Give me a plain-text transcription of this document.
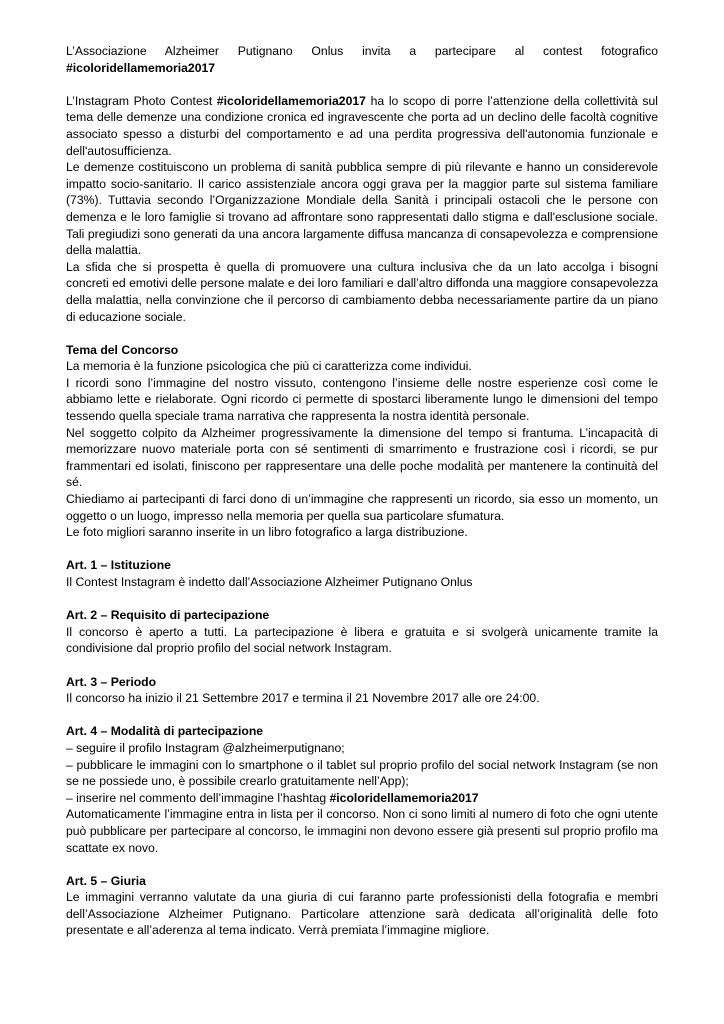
L’Associazione Alzheimer Putignano Onlus invita a partecipare al contest fotografico

#icoloridellamemoria2017

L’Instagram Photo Contest #icoloridellamemoria2017 ha lo scopo di porre l’attenzione della collettività sul tema delle demenze una condizione cronica ed ingravescente che porta ad un declino delle facoltà cognitive associato spesso a disturbi del comportamento e ad una perdita progressiva dell'autonomia funzionale e dell'autosufficienza.

Le demenze costituiscono un problema di sanità pubblica sempre di più rilevante e hanno un considerevole impatto socio-sanitario. Il carico assistenziale ancora oggi grava per la maggior parte sul sistema familiare (73%). Tuttavia secondo l’Organizzazione Mondiale della Sanità i principali ostacoli che le persone con demenza e le loro famiglie si trovano ad affrontare sono rappresentati dallo stigma e dall'esclusione sociale. Tali pregiudizi sono generati da una ancora largamente diffusa mancanza di consapevolezza e comprensione della malattia.

La sfida che si prospetta è quella di promuovere una cultura inclusiva che da un lato accolga i bisogni concreti ed emotivi delle persone malate e dei loro familiari e dall’altro diffonda una maggiore consapevolezza della malattia, nella convinzione che il percorso di cambiamento debba necessariamente partire da un piano di educazione sociale.

Tema del Concorso

La memoria è la funzione psicologica che più ci caratterizza come individui.

I ricordi sono l’immagine del nostro vissuto, contengono l’insieme delle nostre esperienze così come le abbiamo lette e rielaborate. Ogni ricordo ci permette di spostarci liberamente lungo le dimensioni del tempo tessendo quella speciale trama narrativa che rappresenta la nostra identità personale.

Nel soggetto colpito da Alzheimer progressivamente la dimensione del tempo si frantuma. L’incapacità di memorizzare nuovo materiale porta con sé sentimenti di smarrimento e frustrazione così i ricordi, se pur frammentari ed isolati, finiscono per rappresentare una delle poche modalità per mantenere la continuità del sé.

Chiediamo ai partecipanti di farci dono di un’immagine che rappresenti un ricordo, sia esso un momento, un oggetto o un luogo, impresso nella memoria per quella sua particolare sfumatura.

Le foto migliori saranno inserite in un libro fotografico a larga distribuzione.

Art. 1 – Istituzione

Il Contest Instagram è indetto dall’Associazione Alzheimer Putignano Onlus

Art. 2 – Requisito di partecipazione

Il concorso è aperto a tutti. La partecipazione è libera e gratuita e si svolgerà unicamente tramite la condivisione dal proprio profilo del social network Instagram.

Art. 3 – Periodo

Il concorso ha inizio il 21 Settembre 2017 e termina il 21 Novembre 2017 alle ore 24:00.

Art. 4 – Modalità di partecipazione

– seguire il profilo Instagram @alzheimerputignano;

– pubblicare le immagini con lo smartphone o il tablet sul proprio profilo del social network Instagram (se non se ne possiede uno, è possibile crearlo gratuitamente nell’App);

– inserire nel commento dell’immagine l’hashtag #icoloridellamemoria2017

Automaticamente l’immagine entra in lista per il concorso. Non ci sono limiti al numero di foto che ogni utente può pubblicare per partecipare al concorso, le immagini non devono essere già presenti sul proprio profilo ma scattate ex novo.

Art. 5 – Giuria

Le immagini verranno valutate da una giuria di cui faranno parte professionisti della fotografia e membri dell’Associazione Alzheimer Putignano. Particolare attenzione sarà dedicata all’originalità delle foto presentate e all’aderenza al tema indicato. Verrà premiata l’immagine migliore.
